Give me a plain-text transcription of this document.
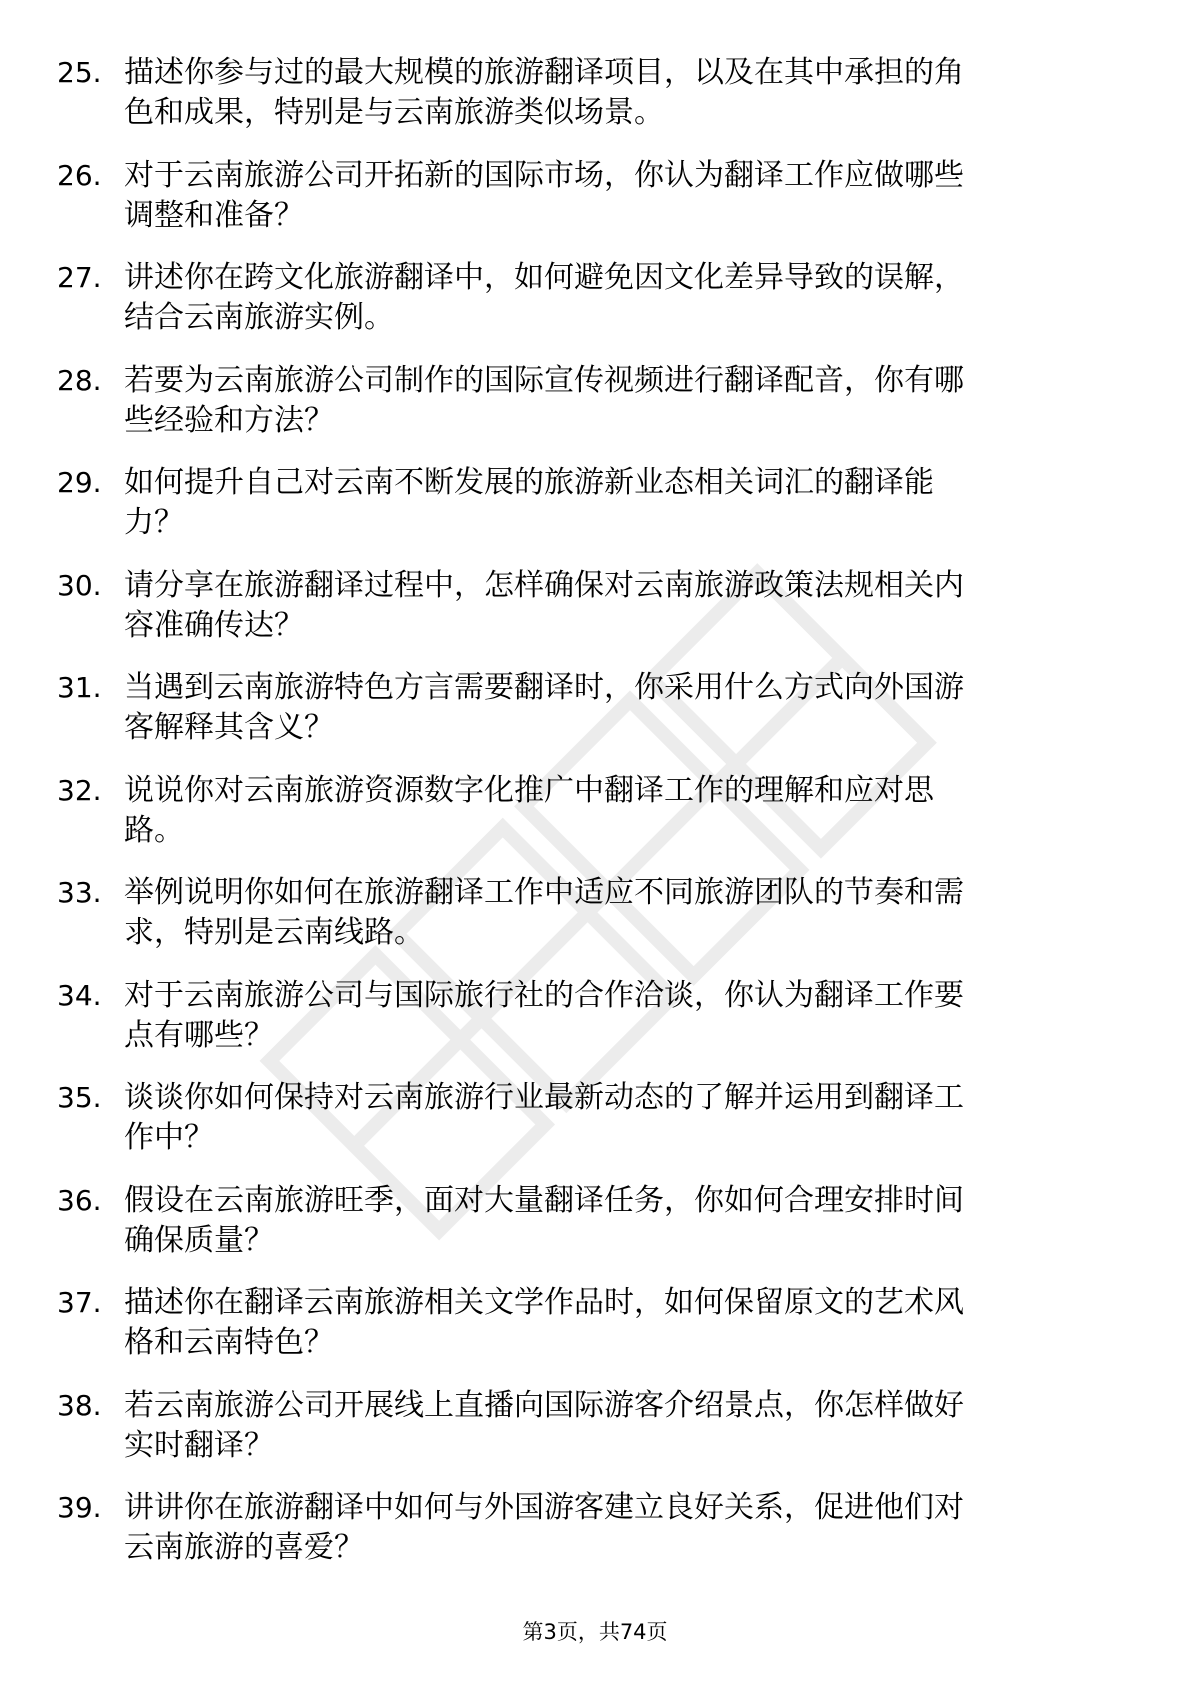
25. 描述你参与过的最大规模的旅游翻译项目，以及在其中承担的角
色和成果，特别是与云南旅游类似场景。
26. 对于云南旅游公司开拓新的国际市场，你认为翻译工作应做哪些
调整和准备？
27. 讲述你在跨文化旅游翻译中，如何避免因文化差异导致的误解，
结合云南旅游实例。
28. 若要为云南旅游公司制作的国际宣传视频进行翻译配音，你有哪
些经验和方法？
29. 如何提升自己对云南不断发展的旅游新业态相关词汇的翻译能
力？
30. 请分享在旅游翻译过程中，怎样确保对云南旅游政策法规相关内
容准确传达？
31. 当遇到云南旅游特色方言需要翻译时，你采用什么方式向外国游
客解释其含义？
32. 说说你对云南旅游资源数字化推广中翻译工作的理解和应对思
路。
33. 举例说明你如何在旅游翻译工作中适应不同旅游团队的节奏和需
求，特别是云南线路。
34. 对于云南旅游公司与国际旅行社的合作洽谈，你认为翻译工作要
点有哪些？
35. 谈谈你如何保持对云南旅游行业最新动态的了解并运用到翻译工
作中？
36. 假设在云南旅游旺季，面对大量翻译任务，你如何合理安排时间
确保质量？
37. 描述你在翻译云南旅游相关文学作品时，如何保留原文的艺术风
格和云南特色？
38. 若云南旅游公司开展线上直播向国际游客介绍景点，你怎样做好
实时翻译？
39. 讲讲你在旅游翻译中如何与外国游客建立良好关系，促进他们对
云南旅游的喜爱？
第3页，共74页
